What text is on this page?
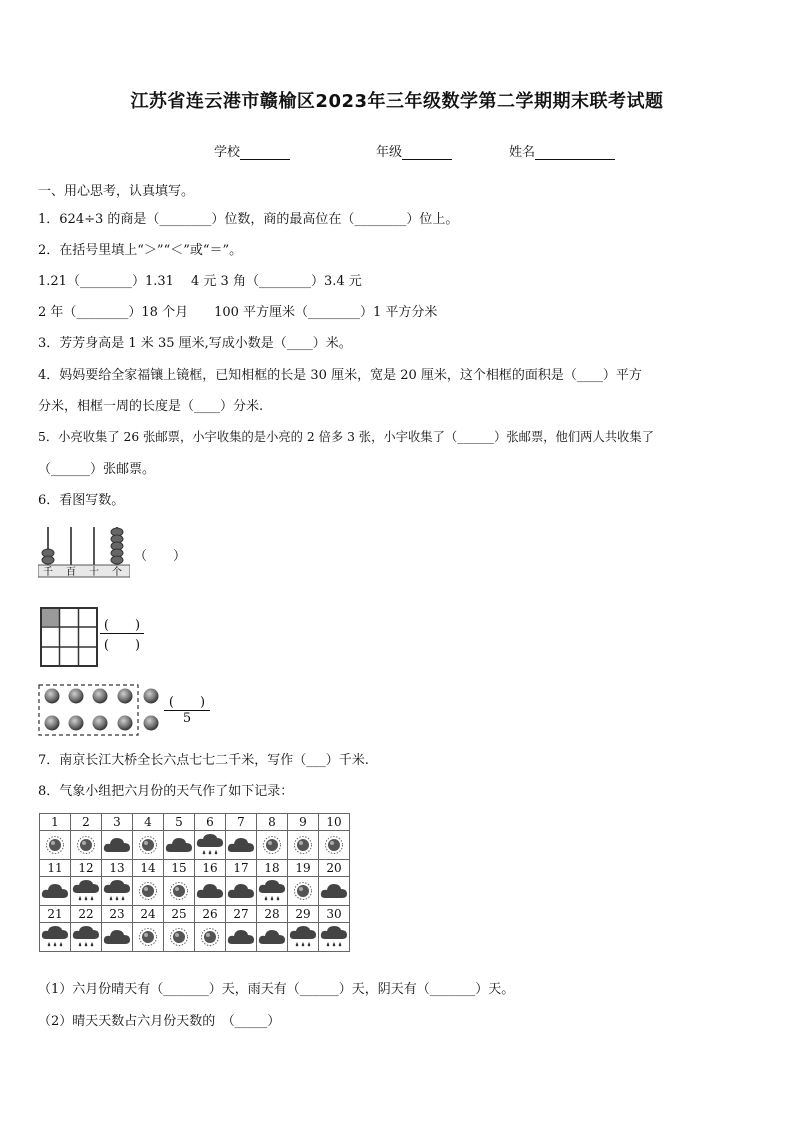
江苏省连云港市赣榆区2023年三年级数学第二学期期末联考试题
学校	年级	姓名
一、用心思考，认真填写。
1．624÷3 的商是（________）位数，商的最高位在（________）位上。
2．在括号里填上“＞”“＜”或“＝”。
1.21（________）1.31　 4 元 3 角（________）3.4 元
2 年（________）18 个月　　100 平方厘米（________）1 平方分米
3．芳芳身高是 1 米 35 厘米,写成小数是（____）米。
4．妈妈要给全家福镶上镜框，已知相框的长是 30 厘米，宽是 20 厘米，这个相框的面积是（____）平方
分米，相框一周的长度是（____）分米.
5．小亮收集了 26 张邮票，小宇收集的是小亮的 2 倍多 3 张，小宇收集了（______）张邮票，他们两人共收集了
（______）张邮票。
6．看图写数。
千 百 十 个
（　　）
(　　)
(　　)
(　　)
5
7．南京长江大桥全长六点七七二千米，写作（___）千米.
8．气象小组把六月份的天气作了如下记录：
1	2	3	4	5	6	7	8	9	10

11	12	13	14	15	16	17	18	19	20

21	22	23	24	25	26	27	28	29	30

（1）六月份晴天有（_______）天，雨天有（______）天，阴天有（_______）天。
（2）晴天天数占六月份天数的　（_____）
